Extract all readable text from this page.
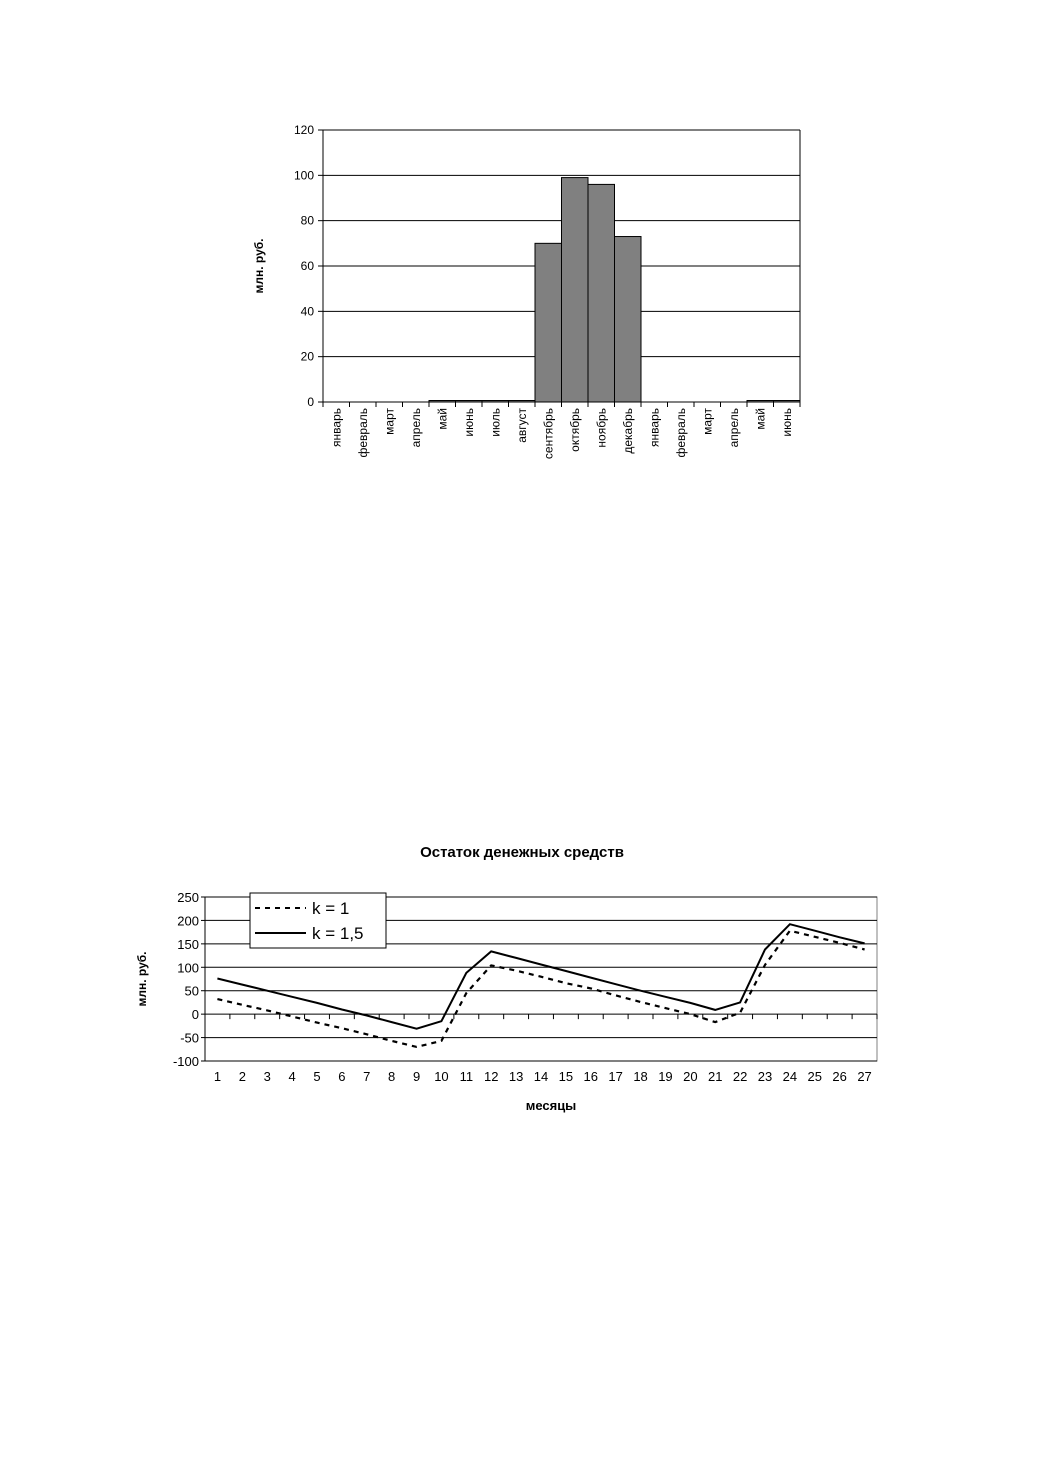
0
20
40
60
80
100
120
январь февраль март апрель май июнь июль август сентябрь октябрь ноябрь декабрь январь февраль март апрель май июнь
млн. руб.
Остаток денежных средств
-100
-50
0
50
100
150
200
250
1 2 3 4 5 6 7 8 9 10 11 12 13 14 15 16 17 18 19 20 21 22 23 24 25 26 27
месяцы
млн. руб.
k = 1
k = 1,5
